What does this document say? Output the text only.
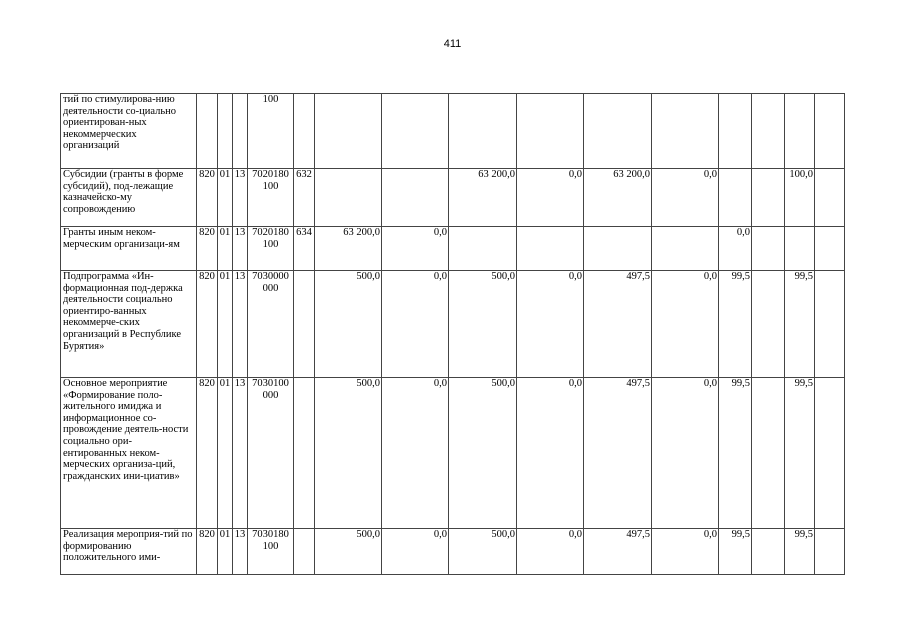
411
тий по стимулирова-нию деятельности со-циально ориентирован-ных некоммерческих организаций				100											
Субсидии (гранты в форме субсидий), под-лежащие казначейско-му сопровождению	820	01	13	7020180 100	632			63 200,0	0,0	63 200,0	0,0			100,0	
Гранты иным неком-мерческим организаци-ям	820	01	13	7020180 100	634	63 200,0	0,0					0,0			
Подпрограмма «Ин-формационная под-держка деятельности социально ориентиро-ванных некоммерче-ских организаций в Республике Бурятия»	820	01	13	7030000 000		500,0	0,0	500,0	0,0	497,5	0,0	99,5		99,5	
Основное мероприятие «Формирование поло-жительного имиджа и информационное со-провождение деятель-ности социально ори-ентированных неком-мерческих организа-ций, гражданских ини-циатив»	820	01	13	7030100 000		500,0	0,0	500,0	0,0	497,5	0,0	99,5		99,5	
Реализация мероприя-тий по формированию положительного ими-	820	01	13	7030180 100		500,0	0,0	500,0	0,0	497,5	0,0	99,5		99,5	
